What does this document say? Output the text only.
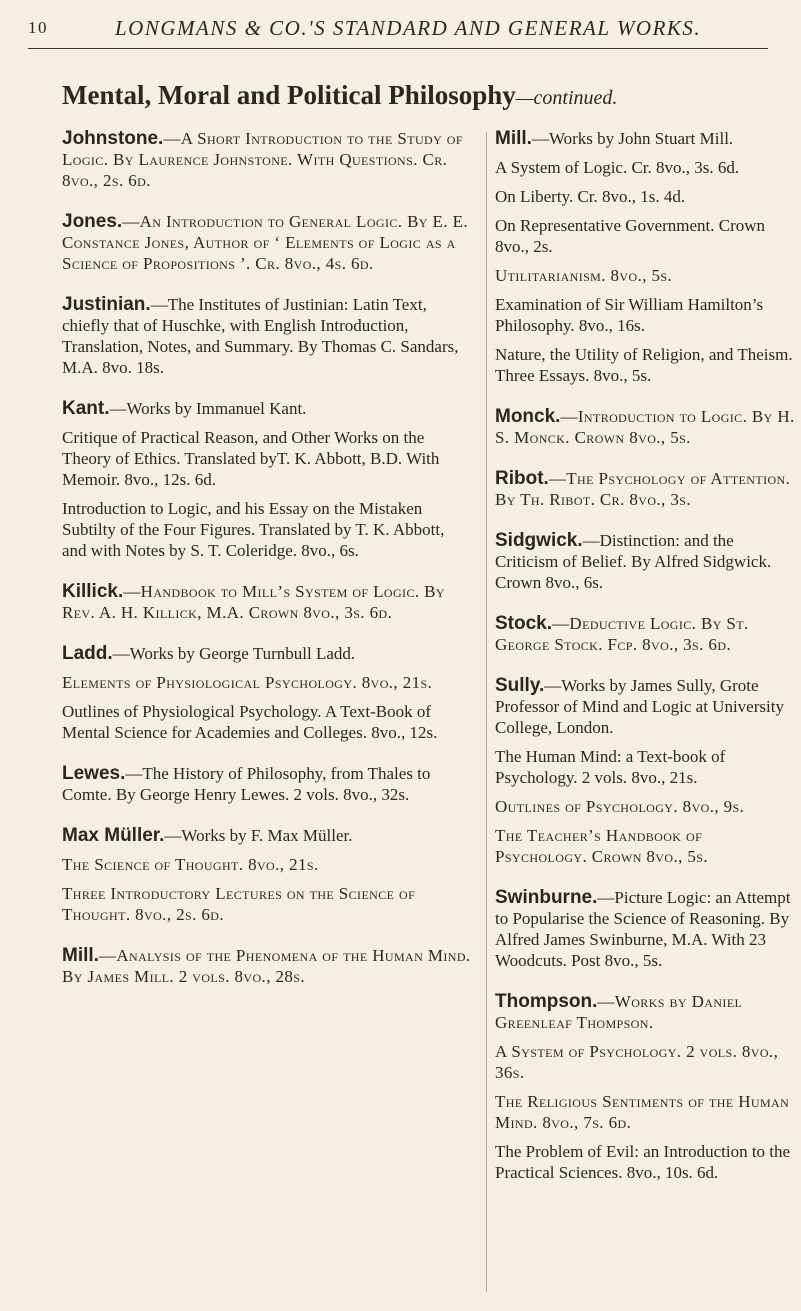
10	LONGMANS & CO.'S STANDARD AND GENERAL WORKS.
Mental, Moral and Political Philosophy—continued.

Johnstone.—A Short Introduction to the Study of Logic. By Laurence Johnstone. With Questions. Cr. 8vo., 2s. 6d.

Jones.—An Introduction to General Logic. By E. E. Constance Jones, Author of ‘ Elements of Logic as a Science of Propositions ’. Cr. 8vo., 4s. 6d.

Justinian.—The Institutes of Justinian: Latin Text, chiefly that of Huschke, with English Introduction, Translation, Notes, and Summary. By Thomas C. Sandars, M.A. 8vo. 18s.

Kant.—Works by Immanuel Kant.

Critique of Practical Reason, and Other Works on the Theory of Ethics. Translated byT. K. Abbott, B.D. With Memoir. 8vo., 12s. 6d.

Introduction to Logic, and his Essay on the Mistaken Subtilty of the Four Figures. Translated by T. K. Abbott, and with Notes by S. T. Coleridge. 8vo., 6s.

Killick.—Handbook to Mill’s System of Logic. By Rev. A. H. Killick, M.A. Crown 8vo., 3s. 6d.

Ladd.—Works by George Turnbull Ladd.

Elements of Physiological Psychology. 8vo., 21s.

Outlines of Physiological Psychology. A Text-Book of Mental Science for Academies and Colleges. 8vo., 12s.

Lewes.—The History of Philosophy, from Thales to Comte. By George Henry Lewes. 2 vols. 8vo., 32s.

Max Müller.—Works by F. Max Müller.

The Science of Thought. 8vo., 21s.

Three Introductory Lectures on the Science of Thought. 8vo., 2s. 6d.

Mill.—Analysis of the Phenomena of the Human Mind. By James Mill. 2 vols. 8vo., 28s.

Mill.—Works by John Stuart Mill.

A System of Logic. Cr. 8vo., 3s. 6d.

On Liberty. Cr. 8vo., 1s. 4d.

On Representative Government. Crown 8vo., 2s.

Utilitarianism. 8vo., 5s.

Examination of Sir William Hamilton’s Philosophy. 8vo., 16s.

Nature, the Utility of Religion, and Theism. Three Essays. 8vo., 5s.

Monck.—Introduction to Logic. By H. S. Monck. Crown 8vo., 5s.

Ribot.—The Psychology of Attention. By Th. Ribot. Cr. 8vo., 3s.

Sidgwick.—Distinction: and the Criticism of Belief. By Alfred Sidgwick. Crown 8vo., 6s.

Stock.—Deductive Logic. By St. George Stock. Fcp. 8vo., 3s. 6d.

Sully.—Works by James Sully, Grote Professor of Mind and Logic at University College, London.

The Human Mind: a Text-book of Psychology. 2 vols. 8vo., 21s.

Outlines of Psychology. 8vo., 9s.

The Teacher’s Handbook of Psychology. Crown 8vo., 5s.

Swinburne.—Picture Logic: an Attempt to Popularise the Science of Reasoning. By Alfred James Swinburne, M.A. With 23 Woodcuts. Post 8vo., 5s.

Thompson.—Works by Daniel Greenleaf Thompson.

A System of Psychology. 2 vols. 8vo., 36s.

The Religious Sentiments of the Human Mind. 8vo., 7s. 6d.

The Problem of Evil: an Introduction to the Practical Sciences. 8vo., 10s. 6d.
